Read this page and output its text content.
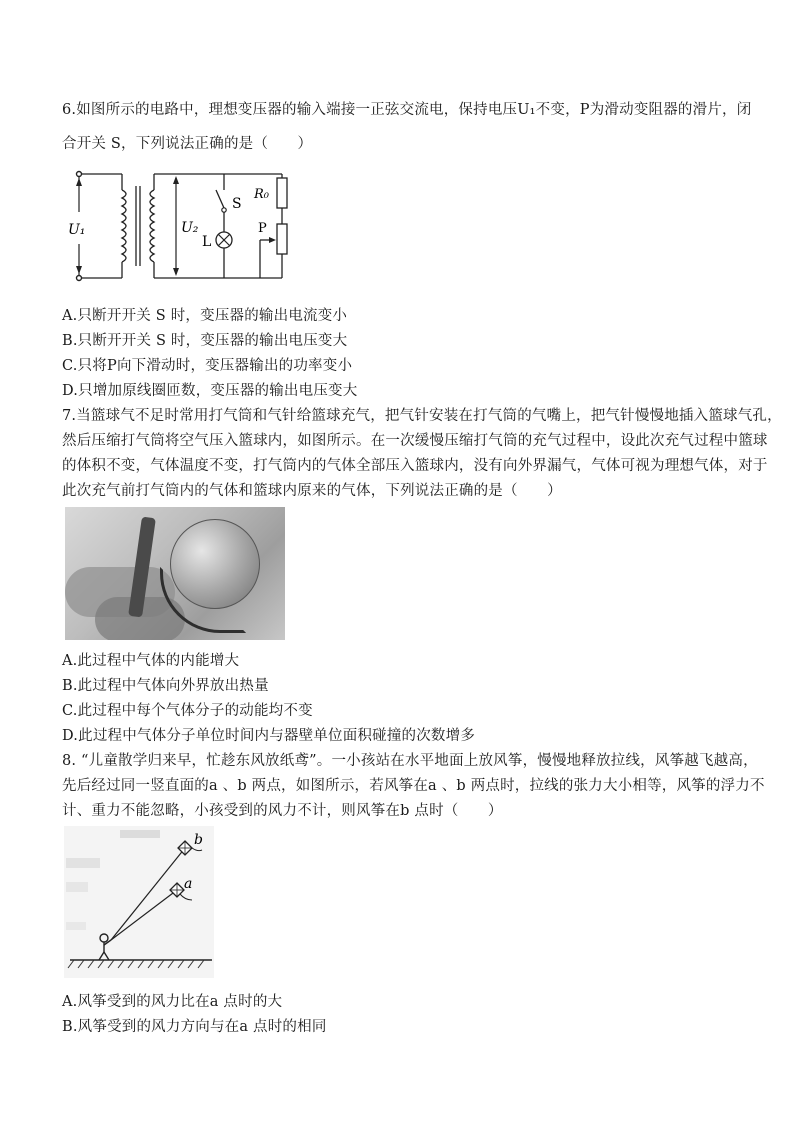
6.如图所示的电路中，理想变压器的输入端接一正弦交流电，保持电压U₁不变，P为滑动变阻器的滑片，闭
合开关 S，下列说法正确的是（　　）
U₁	U₂
S
L
R₀
P
A.只断开开关 S 时，变压器的输出电流变小
B.只断开开关 S 时，变压器的输出电压变大
C.只将P向下滑动时，变压器输出的功率变小
D.只增加原线圈匝数，变压器的输出电压变大
7.当篮球气不足时常用打气筒和气针给篮球充气，把气针安装在打气筒的气嘴上，把气针慢慢地插入篮球气孔，
然后压缩打气筒将空气压入篮球内，如图所示。在一次缓慢压缩打气筒的充气过程中，设此次充气过程中篮球
的体积不变，气体温度不变，打气筒内的气体全部压入篮球内，没有向外界漏气，气体可视为理想气体，对于
此次充气前打气筒内的气体和篮球内原来的气体，下列说法正确的是（　　）
A.此过程中气体的内能增大
B.此过程中气体向外界放出热量
C.此过程中每个气体分子的动能均不变
D.此过程中气体分子单位时间内与器壁单位面积碰撞的次数增多
8. “儿童散学归来早，忙趁东风放纸鸢”。一小孩站在水平地面上放风筝，慢慢地释放拉线，风筝越飞越高，
先后经过同一竖直面的a 、b 两点，如图所示，若风筝在a 、b 两点时，拉线的张力大小相等，风筝的浮力不
计、重力不能忽略，小孩受到的风力不计，则风筝在b 点时（　　）
b
a
A.风筝受到的风力比在a 点时的大
B.风筝受到的风力方向与在a 点时的相同
